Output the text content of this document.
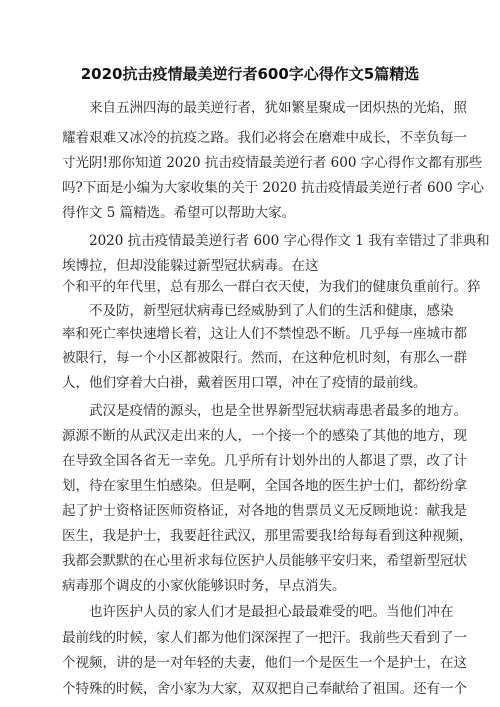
2020抗击疫情最美逆行者600字心得作文5篇精选
　　来自五洲四海的最美逆行者，犹如繁星聚成一团炽热的光焰，照
耀着艰难又冰冷的抗疫之路。我们必将会在磨难中成长，不幸负每一
寸光阴!那你知道 2020 抗击疫情最美逆行者 600 字心得作文都有那些
吗?下面是小编为大家收集的关于 2020 抗击疫情最美逆行者 600 字心
得作文 5 篇精选。希望可以帮助大家。
　　2020 抗击疫情最美逆行者 600 字心得作文 1 我有幸错过了非典和
埃博拉，但却没能躲过新型冠状病毒。在这
个和平的年代里，总有那么一群白衣天使，为我们的健康负重前行。猝
　　不及防，新型冠状病毒已经威胁到了人们的生活和健康，感染
率和死亡率快速增长着，这让人们不禁惶恐不断。几乎每一座城市都
被限行，每一个小区都被限行。然而，在这种危机时刻，有那么一群
人，他们穿着大白褂，戴着医用口罩，冲在了疫情的最前线。
　　武汉是疫情的源头，也是全世界新型冠状病毒患者最多的地方。
源源不断的从武汉走出来的人，一个接一个的感染了其他的地方，现
在导致全国各省无一幸免。几乎所有计划外出的人都退了票，改了计
划，待在家里生怕感染。但是啊，全国各地的医生护士们，都纷纷拿
起了护士资格证医师资格证，对各地的售票员义无反顾地说：献我是
医生，我是护士，我要赶往武汉，那里需要我!给每每看到这种视频，
我都会默默的在心里祈求每位医护人员能够平安归来，希望新型冠状
病毒那个调皮的小家伙能够识时务，早点消失。
　　也许医护人员的家人们才是最担心最最难受的吧。当他们冲在
最前线的时候，家人们都为他们深深捏了一把汗。我前些天看到了一
个视频，讲的是一对年轻的夫妻，他们一个是医生一个是护士，在这
个特殊的时候，舍小家为大家，双双把自己奉献给了祖国。还有一个
